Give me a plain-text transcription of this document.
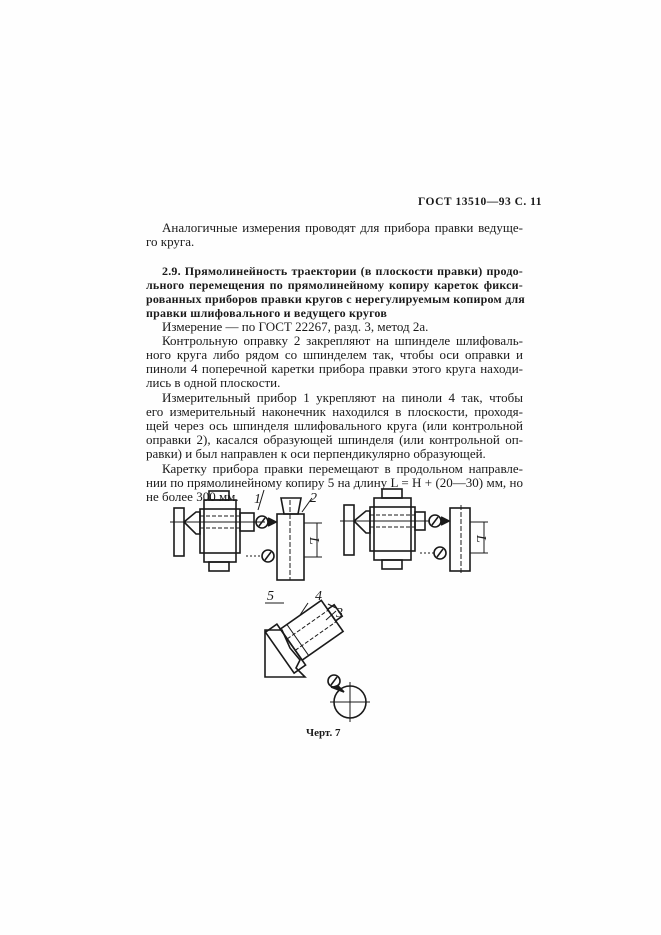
ГОСТ 13510—93 С. 11
Аналогичные измерения проводят для прибора правки ведуще-
го круга.
2.9. Прямолинейность траектории (в плоскости правки) продо-
льного перемещения по прямолинейному копиру кареток фикси-
рованных приборов правки кругов с нерегулируемым копиром для
правки шлифовального и ведущего кругов
Измерение — по ГОСТ 22267, разд. 3, метод 2а.
Контрольную оправку 2 закрепляют на шпинделе шлифоваль-
ного круга либо рядом со шпинделем так, чтобы оси оправки и
пиноли 4 поперечной каретки прибора правки этого круга находи-
лись в одной плоскости.
Измерительный прибор 1 укрепляют на пиноли 4 так, чтобы
его измерительный наконечник находился в плоскости, проходя-
щей через ось шпинделя шлифовального круга (или контрольной
оправки 2), касался образующей шпинделя (или контрольной оп-
равки) и был направлен к оси перпендикулярно образующей.
Каретку прибора правки перемещают в продольном направле-
нии по прямолинейному копиру 5 на длину L = H + (20—30) мм, но
не более 300 мм.	1	2
L	L
5	4
3
Черт. 7
